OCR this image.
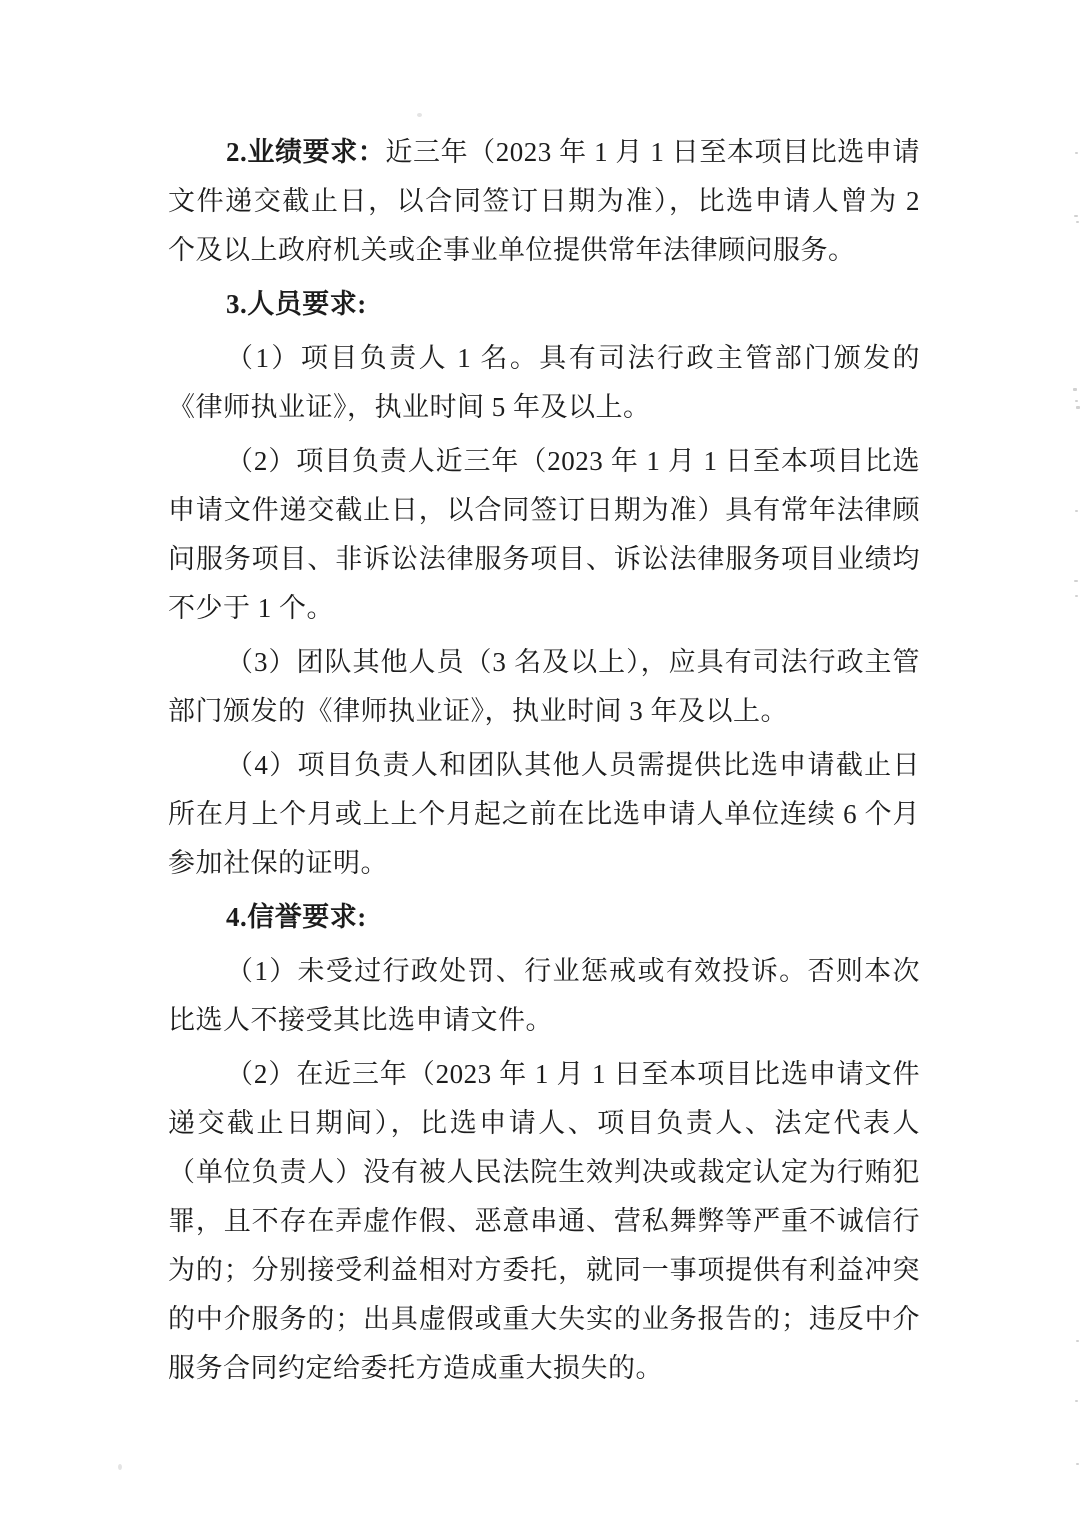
2.业绩要求：近三年（2023 年 1 月 1 日至本项目比选申请文件递交截止日，以合同签订日期为准），比选申请人曾为 2 个及以上政府机关或企事业单位提供常年法律顾问服务。

3.人员要求:

（1）项目负责人 1 名。具有司法行政主管部门颁发的《律师执业证》，执业时间 5 年及以上。

（2）项目负责人近三年（2023 年 1 月 1 日至本项目比选申请文件递交截止日，以合同签订日期为准）具有常年法律顾问服务项目、非诉讼法律服务项目、诉讼法律服务项目业绩均不少于 1 个。

（3）团队其他人员（3 名及以上），应具有司法行政主管部门颁发的《律师执业证》，执业时间 3 年及以上。

（4）项目负责人和团队其他人员需提供比选申请截止日所在月上个月或上上个月起之前在比选申请人单位连续 6 个月参加社保的证明。

4.信誉要求:

（1）未受过行政处罚、行业惩戒或有效投诉。否则本次比选人不接受其比选申请文件。

（2）在近三年（2023 年 1 月 1 日至本项目比选申请文件递交截止日期间），比选申请人、项目负责人、法定代表人（单位负责人）没有被人民法院生效判决或裁定认定为行贿犯罪，且不存在弄虚作假、恶意串通、营私舞弊等严重不诚信行为的；分别接受利益相对方委托，就同一事项提供有利益冲突的中介服务的；出具虚假或重大失实的业务报告的；违反中介服务合同约定给委托方造成重大损失的。
